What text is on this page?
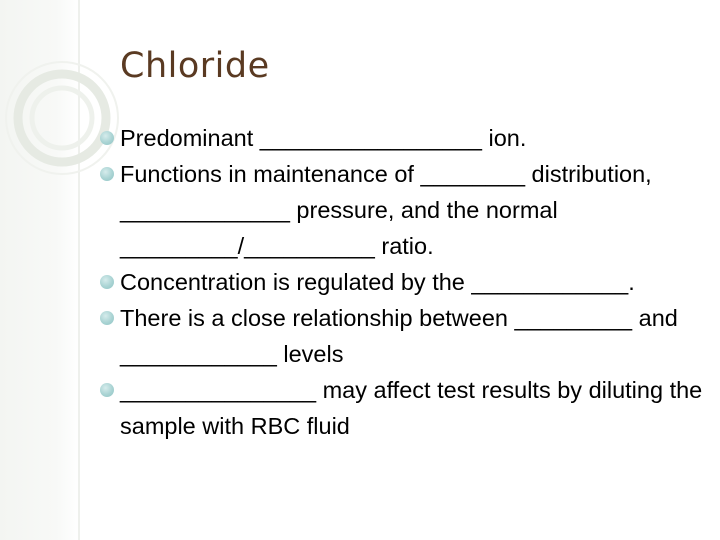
Chloride
Predominant _________________ ion.
Functions in maintenance of ________ distribution, _____________ pressure, and the normal _________/__________ ratio.
Concentration is regulated by the ____________.
There is a close relationship between _________ and ____________ levels
_______________ may affect test results by diluting the sample with RBC fluid
